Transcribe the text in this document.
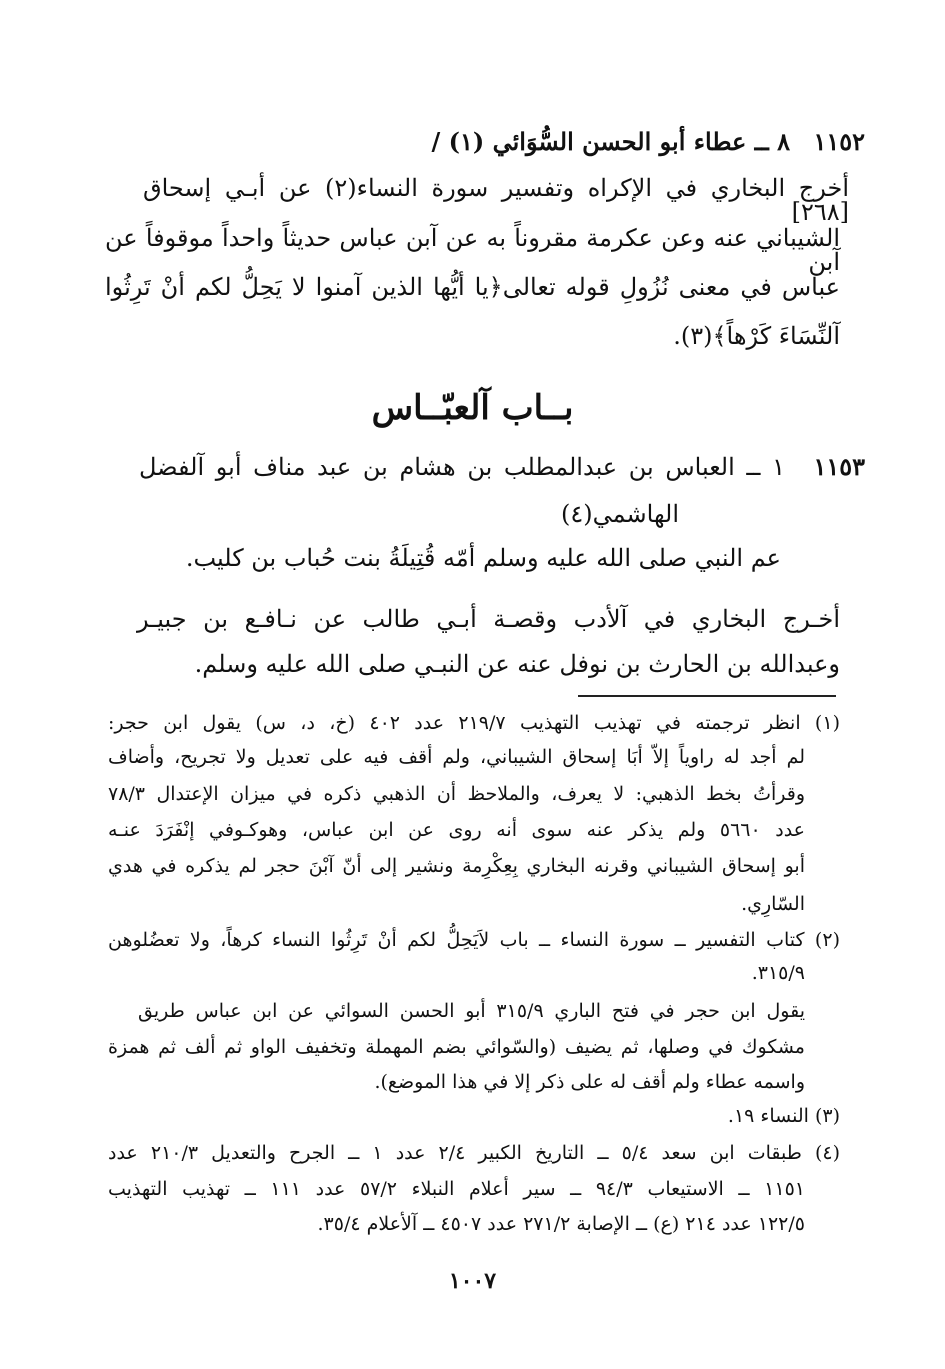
١١٥٢
٨ ــ عطاء أبو الحسن السُّوَائي (١) /
أخرج البخاري في الإكراه وتفسير سورة النساء(٢) عن أبـي إسحاق [٢٦٨]
الشيباني عنه وعن عكرمة مقروناً به عن آبن عباس حديثاً واحداً موقوفاً عن آبن
عباس في معنى نُزُولِ قوله تعالى﴿يا أيُّها الذين آمنوا لا يَحِلُّ لكم أنْ تَرِثُوا
آلنِّسَاءَ كَرْهاً﴾(٣).
بــاب آلعبّــاس
١١٥٣
١ ــ العباس بن عبدالمطلب بن هشام بن عبد مناف أبو آلفضل
الهاشمي(٤)
عم النبي صلى الله عليه وسلم أمّه قُتِيلَةُ بنت حُباب بن كليب.
أخـرج البخاري في آلأدب وقصـة أبـي طالب عن نـافـع بن جبيـر
وعبدالله بن الحارث بن نوفل عنه عن النبـي صلى الله عليه وسلم.
(١) انظر ترجمته في تهذيب التهذيب ٢١٩/٧ عدد ٤٠٢ (خ، د، س) يقول ابن حجر:
لم أجد له راوياً إلاّ أبَا إسحاق الشيباني، ولم أقف فيه على تعديل ولا تجريح، وأضاف
وقرأتُ بخط الذهبي: لا يعرف، والملاحظ أن الذهبي ذكره في ميزان الإعتدال ٧٨/٣
عدد ٥٦٦٠ ولم يذكر عنه سوى أنه روى عن ابن عباس، وهوكـوفي إنْفَرَدَ عنـه
أبو إسحاق الشيباني وقرنه البخاري بِعِكْرِمة ونشير إلى أنّ آبْنَ حجر لم يذكره في هدي
السّارِي.
(٢) كتاب التفسير ــ سورة النساء ــ باب لاَيَحِلُّ لكم أنْ تَرِثُوا النساء كرهاً، ولا تعضُلوهن
٣١٥/٩.
يقول ابن حجر في فتح الباري ٣١٥/٩ أبو الحسن السوائي عن ابن عباس طريق
مشكوك في وصلها، ثم يضيف (والسّوائي بضم المهملة وتخفيف الواو ثم ألف ثم همزة
واسمه عطاء ولم أقف له على ذكر إلا في هذا الموضع).
(٣) النساء ١٩.
(٤) طبقات ابن سعد ٥/٤ ــ التاريخ الكبير ٢/٤ عدد ١ ــ الجرح والتعديل ٢١٠/٣ عدد
١١٥١ ــ الاستيعاب ٩٤/٣ ــ سير أعلام النبلاء ٥٧/٢ عدد ١١١ ــ تهذيب التهذيب
١٢٢/٥ عدد ٢١٤ (ع) ــ الإصابة ٢٧١/٢ عدد ٤٥٠٧ ــ آلأعلام ٣٥/٤.
١٠٠٧
